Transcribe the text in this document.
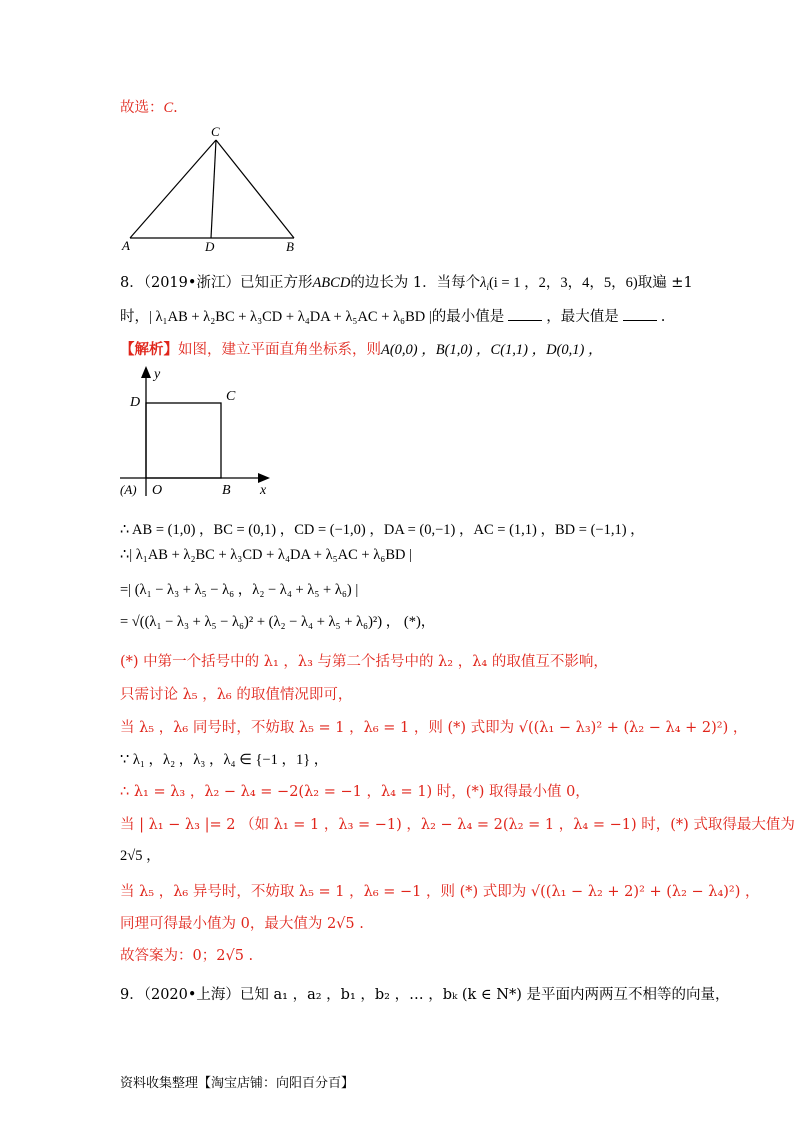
故选：C.
C
A	D	B
8．（2019•浙江）已知正方形ABCD的边长为 1．当每个$\lambda_i(i = 1$ ，2，3，4，5，6)取遍 ±1
时，| λ₁AB + λ₂BC + λ₃CD + λ₄DA + λ₅AC + λ₆BD |的最小值是	，最大值是	.
【解析】如图，建立平面直角坐标系，则A(0,0) ，B(1,0) ，C(1,1) ，D(0,1) ，
y
x
D	C
(A) O	B
∴ AB = (1,0) ，BC = (0,1) ，CD = (−1,0) ，DA = (0,−1) ，AC = (1,1) ，BD = (−1,1) ，
∴| λ₁AB + λ₂BC + λ₃CD + λ₄DA + λ₅AC + λ₆BD |
=| (λ₁ − λ₃ + λ₅ − λ₆ ，λ₂ − λ₄ + λ₅ + λ₆) |
= √((λ₁ − λ₃ + λ₅ − λ₆)² + (λ₂ − λ₄ + λ₅ + λ₆)²) ， (*)，
(*) 中第一个括号中的 λ₁ ，λ₃ 与第二个括号中的 λ₂ ，λ₄ 的取值互不影响，
只需讨论 λ₅ ，λ₆ 的取值情况即可，
当 λ₅ ，λ₆ 同号时，不妨取 λ₅ = 1 ，λ₆ = 1 ，则 (*) 式即为 √((λ₁ − λ₃)² + (λ₂ − λ₄ + 2)²) ，
∵ λ₁ ，λ₂ ，λ₃ ，λ₄ ∈ {−1 ，1} ，
∴ λ₁ = λ₃ ，λ₂ − λ₄ = −2(λ₂ = −1 ，λ₄ = 1) 时，(*) 取得最小值 0，
当 | λ₁ − λ₃ |= 2 （如 λ₁ = 1 ，λ₃ = −1) ，λ₂ − λ₄ = 2(λ₂ = 1 ，λ₄ = −1) 时，(*) 式取得最大值为
2√5 ，
当 λ₅ ，λ₆ 异号时，不妨取 λ₅ = 1 ，λ₆ = −1 ，则 (*) 式即为 √((λ₁ − λ₂ + 2)² + (λ₂ − λ₄)²) ，
同理可得最小值为 0，最大值为 2√5 .
故答案为：0；2√5 .
9．（2020•上海）已知 a₁ ，a₂ ，b₁ ，b₂ ，… ，bₖ (k ∈ N*) 是平面内两两互不相等的向量，
资料收集整理【淘宝店铺：向阳百分百】
